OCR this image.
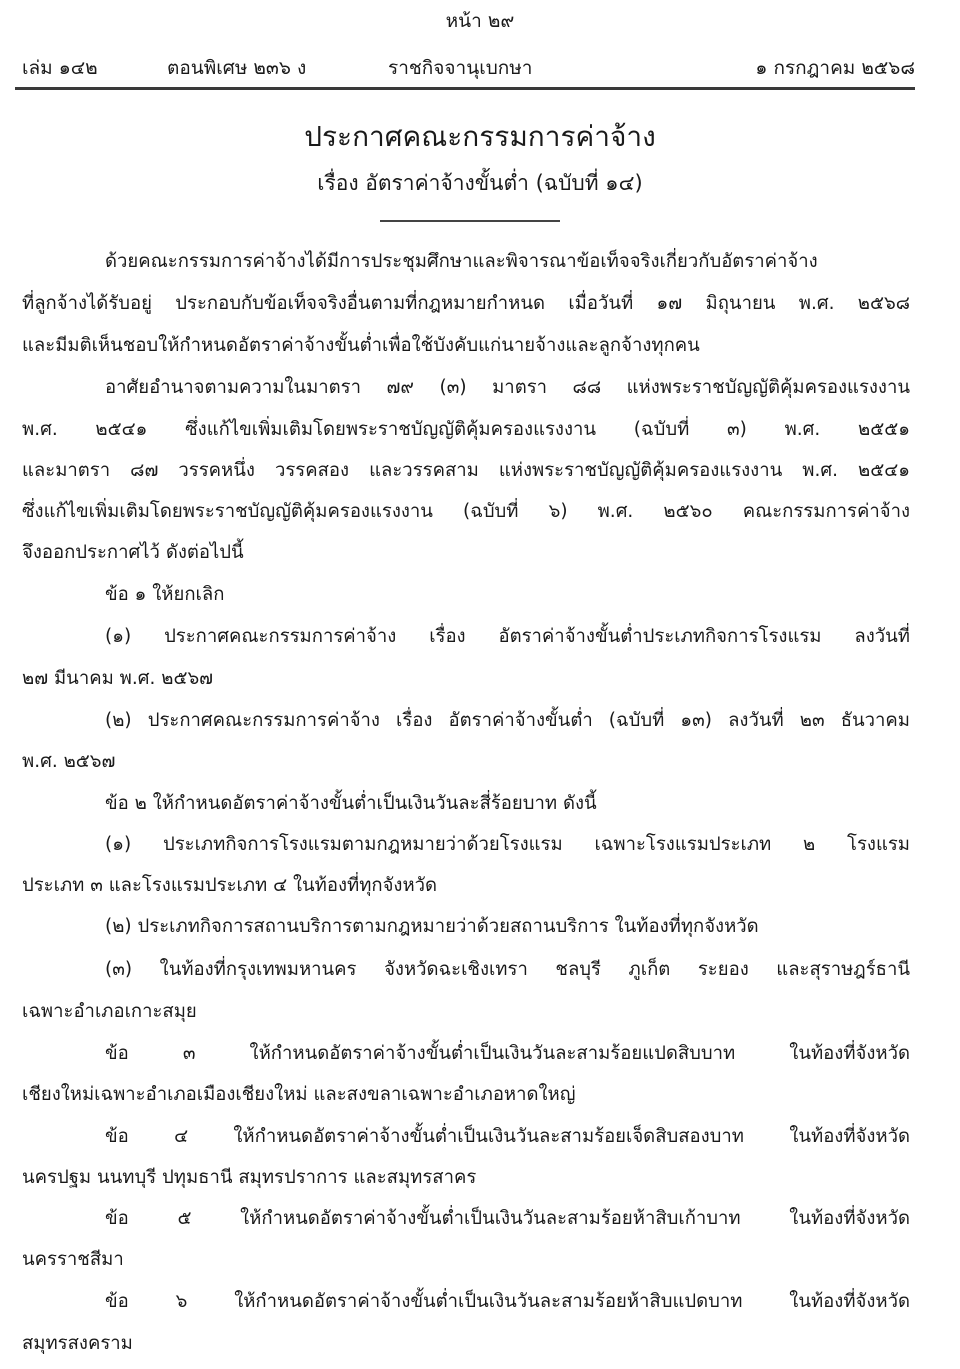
หน้า ๒๙
เล่ม ๑๔๒	ตอนพิเศษ ๒๓๖ ง	ราชกิจจานุเบกษา	๑ กรกฎาคม ๒๕๖๘
ประกาศคณะกรรมการค่าจ้าง
เรื่อง อัตราค่าจ้างขั้นต่ำ (ฉบับที่ ๑๔)
ด้วยคณะกรรมการค่าจ้างได้มีการประชุมศึกษาและพิจารณาข้อเท็จจริงเกี่ยวกับอัตราค่าจ้าง
ที่ลูกจ้างได้รับอยู่ ประกอบกับข้อเท็จจริงอื่นตามที่กฎหมายกำหนด เมื่อวันที่ ๑๗ มิถุนายน พ.ศ. ๒๕๖๘
และมีมติเห็นชอบให้กำหนดอัตราค่าจ้างขั้นต่ำเพื่อใช้บังคับแก่นายจ้างและลูกจ้างทุกคน
อาศัยอำนาจตามความในมาตรา ๗๙ (๓) มาตรา ๘๘ แห่งพระราชบัญญัติคุ้มครองแรงงาน
พ.ศ. ๒๕๔๑ ซึ่งแก้ไขเพิ่มเติมโดยพระราชบัญญัติคุ้มครองแรงงาน (ฉบับที่ ๓) พ.ศ. ๒๕๕๑
และมาตรา ๘๗ วรรคหนึ่ง วรรคสอง และวรรคสาม แห่งพระราชบัญญัติคุ้มครองแรงงาน พ.ศ. ๒๕๔๑
ซึ่งแก้ไขเพิ่มเติมโดยพระราชบัญญัติคุ้มครองแรงงาน (ฉบับที่ ๖) พ.ศ. ๒๕๖๐ คณะกรรมการค่าจ้าง
จึงออกประกาศไว้ ดังต่อไปนี้
ข้อ ๑ ให้ยกเลิก
(๑) ประกาศคณะกรรมการค่าจ้าง เรื่อง อัตราค่าจ้างขั้นต่ำประเภทกิจการโรงแรม ลงวันที่
๒๗ มีนาคม พ.ศ. ๒๕๖๗
(๒) ประกาศคณะกรรมการค่าจ้าง เรื่อง อัตราค่าจ้างขั้นต่ำ (ฉบับที่ ๑๓) ลงวันที่ ๒๓ ธันวาคม
พ.ศ. ๒๕๖๗
ข้อ ๒ ให้กำหนดอัตราค่าจ้างขั้นต่ำเป็นเงินวันละสี่ร้อยบาท ดังนี้
(๑) ประเภทกิจการโรงแรมตามกฎหมายว่าด้วยโรงแรม เฉพาะโรงแรมประเภท ๒ โรงแรม
ประเภท ๓ และโรงแรมประเภท ๔ ในท้องที่ทุกจังหวัด
(๒) ประเภทกิจการสถานบริการตามกฎหมายว่าด้วยสถานบริการ ในท้องที่ทุกจังหวัด
(๓) ในท้องที่กรุงเทพมหานคร จังหวัดฉะเชิงเทรา ชลบุรี ภูเก็ต ระยอง และสุราษฎร์ธานี
เฉพาะอำเภอเกาะสมุย
ข้อ ๓ ให้กำหนดอัตราค่าจ้างขั้นต่ำเป็นเงินวันละสามร้อยแปดสิบบาท ในท้องที่จังหวัด
เชียงใหม่เฉพาะอำเภอเมืองเชียงใหม่ และสงขลาเฉพาะอำเภอหาดใหญ่
ข้อ ๔ ให้กำหนดอัตราค่าจ้างขั้นต่ำเป็นเงินวันละสามร้อยเจ็ดสิบสองบาท ในท้องที่จังหวัด
นครปฐม นนทบุรี ปทุมธานี สมุทรปราการ และสมุทรสาคร
ข้อ ๕ ให้กำหนดอัตราค่าจ้างขั้นต่ำเป็นเงินวันละสามร้อยห้าสิบเก้าบาท ในท้องที่จังหวัด
นครราชสีมา
ข้อ ๖ ให้กำหนดอัตราค่าจ้างขั้นต่ำเป็นเงินวันละสามร้อยห้าสิบแปดบาท ในท้องที่จังหวัด
สมุทรสงคราม
